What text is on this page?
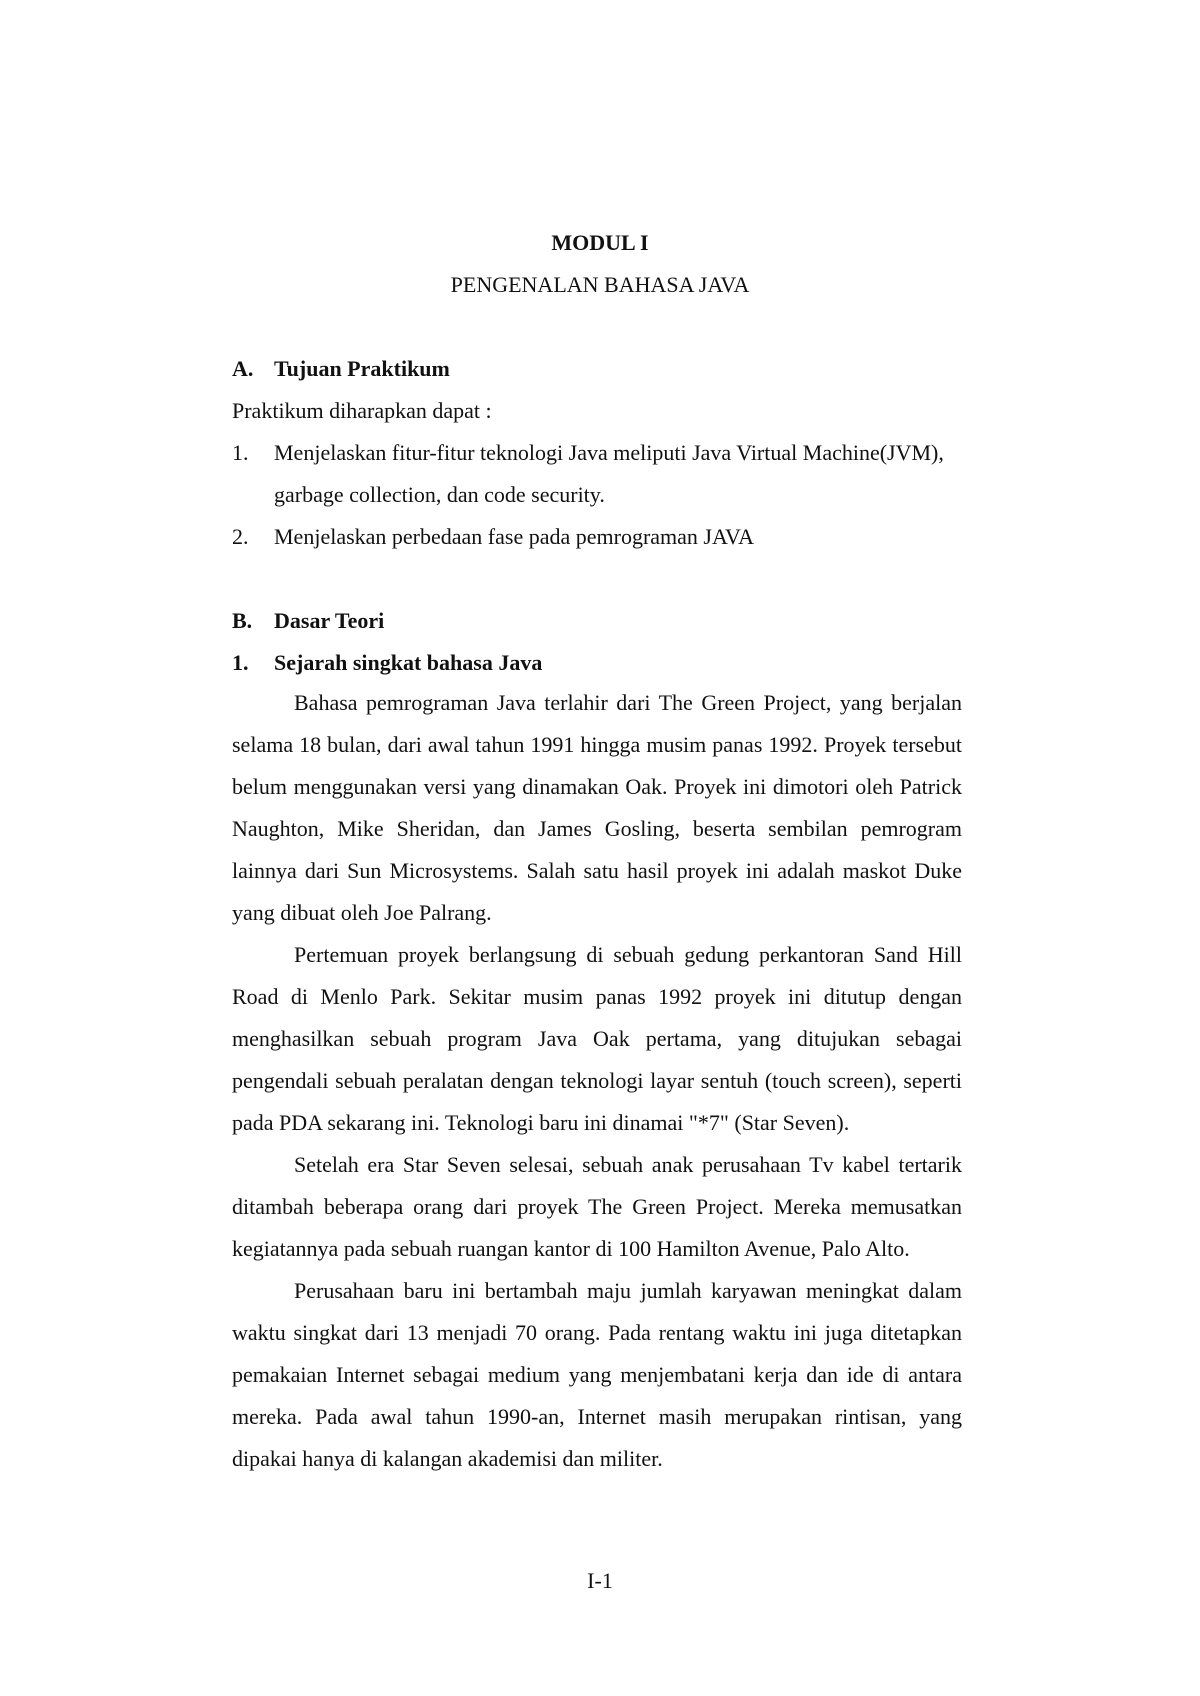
MODUL I
PENGENALAN BAHASA JAVA
A. Tujuan Praktikum
Praktikum diharapkan dapat :
1. Menjelaskan fitur-fitur teknologi Java meliputi Java Virtual Machine(JVM),
garbage collection, dan code security.
2. Menjelaskan perbedaan fase pada pemrograman JAVA
B. Dasar Teori
1. Sejarah singkat bahasa Java

Bahasa pemrograman Java terlahir dari The Green Project, yang berjalan selama 18 bulan, dari awal tahun 1991 hingga musim panas 1992. Proyek tersebut belum menggunakan versi yang dinamakan Oak. Proyek ini dimotori oleh Patrick Naughton, Mike Sheridan, dan James Gosling, beserta sembilan pemrogram lainnya dari Sun Microsystems. Salah satu hasil proyek ini adalah maskot Duke yang dibuat oleh Joe Palrang.

Pertemuan proyek berlangsung di sebuah gedung perkantoran Sand Hill Road di Menlo Park. Sekitar musim panas 1992 proyek ini ditutup dengan menghasilkan sebuah program Java Oak pertama, yang ditujukan sebagai pengendali sebuah peralatan dengan teknologi layar sentuh (touch screen), seperti pada PDA sekarang ini. Teknologi baru ini dinamai "*7" (Star Seven).

Setelah era Star Seven selesai, sebuah anak perusahaan Tv kabel tertarik ditambah beberapa orang dari proyek The Green Project. Mereka memusatkan kegiatannya pada sebuah ruangan kantor di 100 Hamilton Avenue, Palo Alto.

Perusahaan baru ini bertambah maju jumlah karyawan meningkat dalam waktu singkat dari 13 menjadi 70 orang. Pada rentang waktu ini juga ditetapkan pemakaian Internet sebagai medium yang menjembatani kerja dan ide di antara mereka. Pada awal tahun 1990-an, Internet masih merupakan rintisan, yang dipakai hanya di kalangan akademisi dan militer.

I-1
